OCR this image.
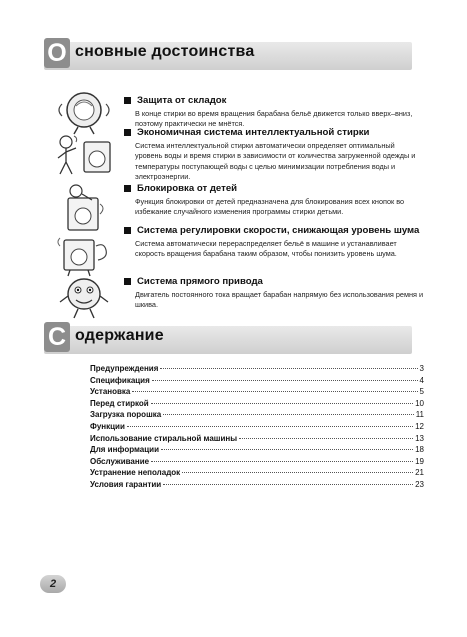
О сновные достоинства
Защита от складок
В конце стирки во время вращения барабана бельё движется только вверх–вниз, поэтому практически не мнётся.
Экономичная система интеллектуальной стирки
Система интеллектуальной стирки автоматически определяет оптимальный уровень воды и время стирки в зависимости от количества загруженной одежды и температуры поступающей воды с целью минимизации потребления воды и электроэнергии.
Блокировка от детей
Функция блокировки от детей предназначена для блокирования всех кнопок во избежание случайного изменения программы стирки детьми.
Система регулировки скорости, снижающая уровень шума
Система автоматически перераспределяет бельё в машине и устанавливает скорость вращения барабана таким образом, чтобы понизить уровень шума.
Система прямого привода
Двигатель постоянного тока вращает барабан напрямую без использования ремня и шкива.
С одержание
Предупреждения	3
Спецификация	4
Установка	5
Перед стиркой	10
Загрузка порошка	11
Функции	12
Использование стиральной машины	13
Для информации	18
Обслуживание	19
Устранение неполадок	21
Условия гарантии	23
2
